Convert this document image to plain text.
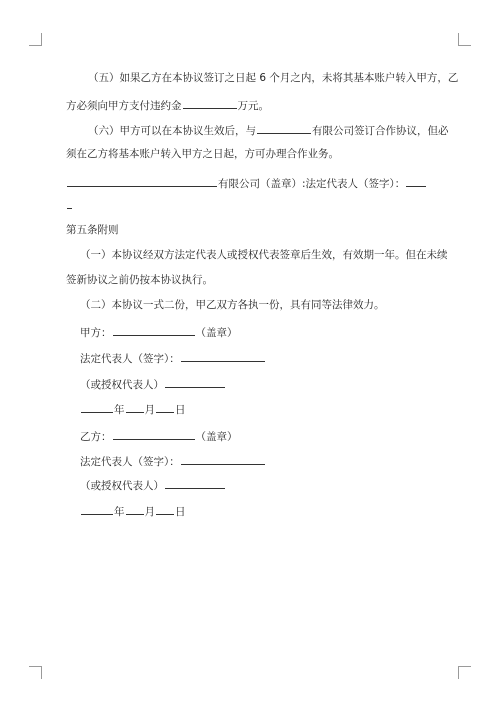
（五）如果乙方在本协议签订之日起 6 个月之内，未将其基本账户转入甲方，乙
方必须向甲方支付违约金	万元。
（六）甲方可以在本协议生效后，与	有限公司签订合作协议，但必
须在乙方将基本账户转入甲方之日起，方可办理合作业务。
有限公司（盖章）:法定代表人（签字）：
第五条附则
（一）本协议经双方法定代表人或授权代表签章后生效，有效期一年。但在未续
签新协议之前仍按本协议执行。
（二）本协议一式二份，甲乙双方各执一份，具有同等法律效力。
甲方：	（盖章）
法定代表人（签字）：
（或授权代表人）
年 月 日
乙方：	（盖章）
法定代表人（签字）：
（或授权代表人）
年 月 日
